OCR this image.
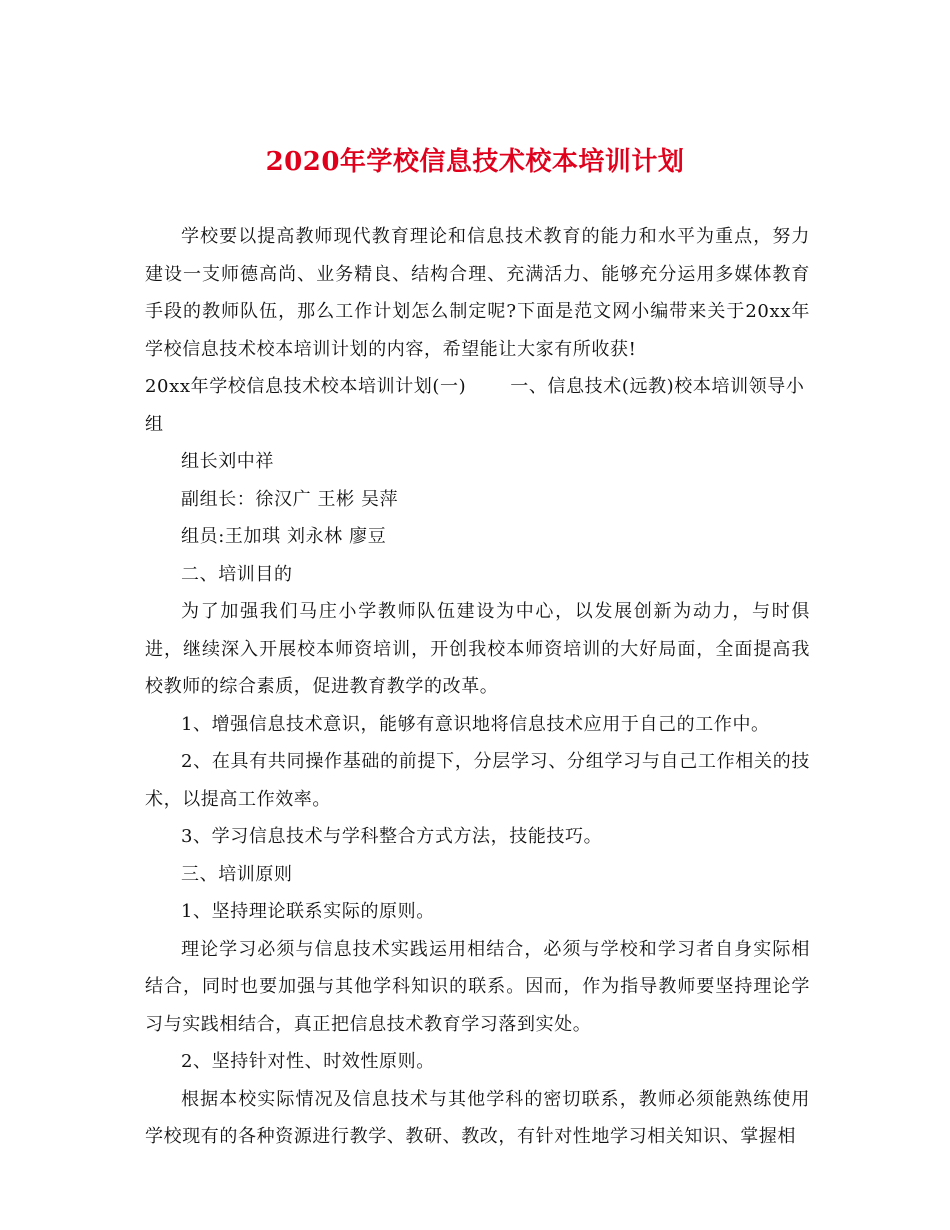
2020年学校信息技术校本培训计划

学校要以提高教师现代教育理论和信息技术教育的能力和水平为重点，努力建设一支师德高尚、业务精良、结构合理、充满活力、能够充分运用多媒体教育手段的教师队伍，那么工作计划怎么制定呢?下面是范文网小编带来关于20xx年学校信息技术校本培训计划的内容，希望能让大家有所收获!

20xx年学校信息技术校本培训计划(一) 一、信息技术(远教)校本培训领导小组

组长刘中祥

副组长：徐汉广 王彬 吴萍

组员:王加琪 刘永林 廖豆

二、培训目的

为了加强我们马庄小学教师队伍建设为中心，以发展创新为动力，与时俱进，继续深入开展校本师资培训，开创我校本师资培训的大好局面，全面提高我校教师的综合素质，促进教育教学的改革。

1、增强信息技术意识，能够有意识地将信息技术应用于自己的工作中。

2、在具有共同操作基础的前提下，分层学习、分组学习与自己工作相关的技术，以提高工作效率。

3、学习信息技术与学科整合方式方法，技能技巧。

三、培训原则

1、坚持理论联系实际的原则。

理论学习必须与信息技术实践运用相结合，必须与学校和学习者自身实际相结合，同时也要加强与其他学科知识的联系。因而，作为指导教师要坚持理论学习与实践相结合，真正把信息技术教育学习落到实处。

2、坚持针对性、时效性原则。

根据本校实际情况及信息技术与其他学科的密切联系，教师必须能熟练使用学校现有的各种资源进行教学、教研、教改，有针对性地学习相关知识、掌握相
